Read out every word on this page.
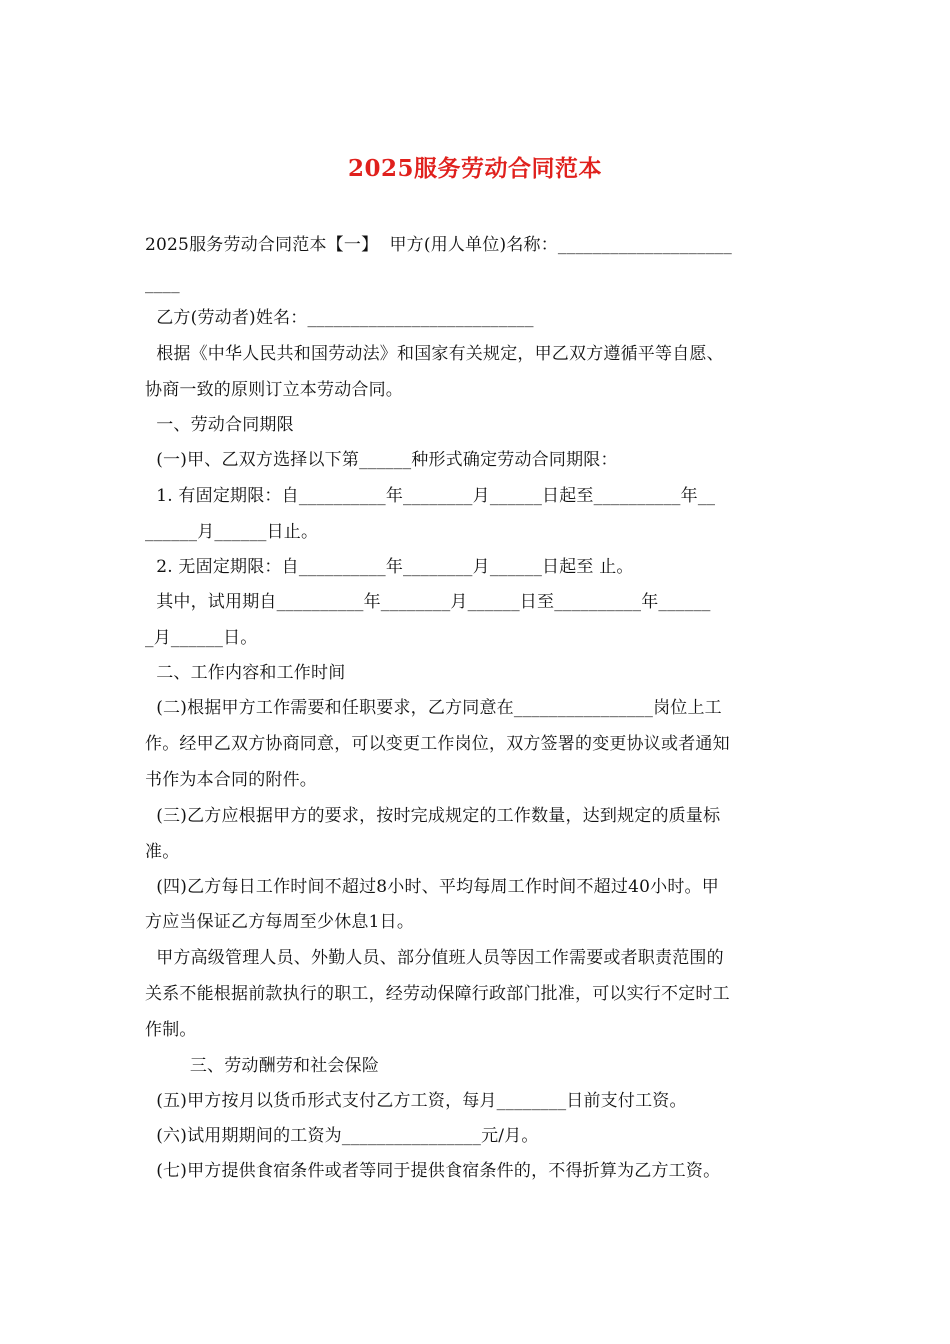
2025服务劳动合同范本
2025服务劳动合同范本【一】  甲方(用人单位)名称：____________________
____
乙方(劳动者)姓名：__________________________
根据《中华人民共和国劳动法》和国家有关规定，甲乙双方遵循平等自愿、
协商一致的原则订立本劳动合同。
一、劳动合同期限
(一)甲、乙双方选择以下第______种形式确定劳动合同期限：
1. 有固定期限：自__________年________月______日起至__________年__
______月______日止。
2. 无固定期限：自__________年________月______日起至 止。
其中，试用期自__________年________月______日至__________年______
_月______日。
二、工作内容和工作时间
(二)根据甲方工作需要和任职要求，乙方同意在________________岗位上工
作。经甲乙双方协商同意，可以变更工作岗位，双方签署的变更协议或者通知
书作为本合同的附件。
(三)乙方应根据甲方的要求，按时完成规定的工作数量，达到规定的质量标
准。
(四)乙方每日工作时间不超过8小时、平均每周工作时间不超过40小时。甲
方应当保证乙方每周至少休息1日。
甲方高级管理人员、外勤人员、部分值班人员等因工作需要或者职责范围的
关系不能根据前款执行的职工，经劳动保障行政部门批准，可以实行不定时工
作制。
三、劳动酬劳和社会保险
(五)甲方按月以货币形式支付乙方工资，每月________日前支付工资。
(六)试用期期间的工资为________________元/月。
(七)甲方提供食宿条件或者等同于提供食宿条件的，不得折算为乙方工资。
